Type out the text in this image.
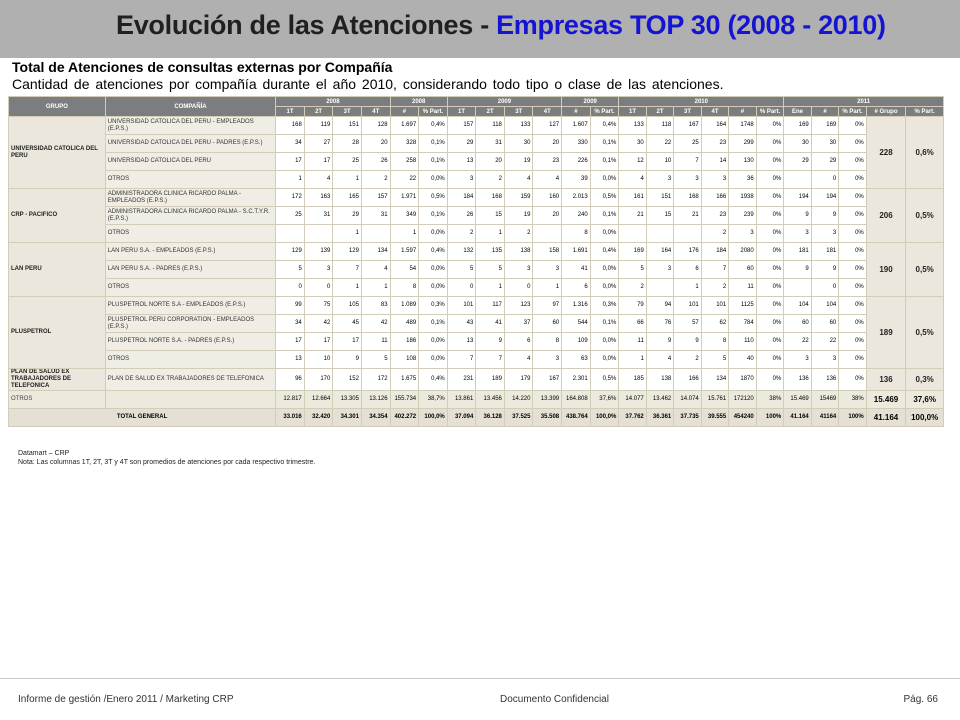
Evolución de las Atenciones - Empresas TOP 30 (2008 - 2010)
Total de Atenciones de consultas externas por Compañía
Cantidad de atenciones por compañía durante el año 2010, considerando todo tipo o clase de las atenciones.
GRUPO	COMPAÑÍA	2008				2008		2009				2009		2010						2011				
		1T	2T	3T	4T	#	% Part.	1T	2T	3T	4T	#	% Part.	1T	2T	3T	4T	#	% Part.	Ene	#	% Part.	# Grupo	% Part.
UNIVERSIDAD CATOLICA DEL PERU	UNIVERSIDAD CATOLICA DEL PERU - EMPLEADOS (E.P.S.)	168	119	151	128	1.697	0,4%	157	118	133	127	1.607	0,4%	133	118	167	164	1748	0%	169	169	0%	228	0,6%
	UNIVERSIDAD CATOLICA DEL PERU - PADRES (E.P.S.)	34	27	28	20	328	0,1%	29	31	30	20	330	0,1%	30	22	25	23	299	0%	30	30	0%		
	UNIVERSIDAD CATOLICA DEL PERU	17	17	25	26	258	0,1%	13	20	19	23	226	0,1%	12	10	7	14	130	0%	29	29	0%		
	OTROS	1	4	1	2	22	0,0%	3	2	4	4	39	0,0%	4	3	3	3	36	0%		0	0%		
CRP - PACIFICO	ADMINISTRADORA CLINICA RICARDO PALMA - EMPLEADOS (E.P.S.)	172	163	165	157	1.971	0,5%	184	168	159	160	2.013	0,5%	161	151	168	166	1938	0%	194	194	0%	206	0,5%
	ADMINISTRADORA CLINICA RICARDO PALMA - S.C.T.Y.R. (E.P.S.)	25	31	29	31	349	0,1%	26	15	19	20	240	0,1%	21	15	21	23	239	0%	9	9	0%		
	OTROS			1		1	0,0%	2	1	2		8	0,0%				2	3	0%	3	3	0%		
LAN PERU	LAN PERU S.A. - EMPLEADOS (E.P.S.)	129	139	129	134	1.597	0,4%	132	135	138	158	1.691	0,4%	169	164	176	184	2080	0%	181	181	0%	190	0,5%
	LAN PERU S.A. - PADRES (E.P.S.)	5	3	7	4	54	0,0%	5	5	3	3	41	0,0%	5	3	6	7	60	0%	9	9	0%		
	OTROS	0	0	1	1	8	0,0%	0	1	0	1	6	0,0%	2		1	2	11	0%		0	0%		
PLUSPETROL	PLUSPETROL NORTE S.A - EMPLEADOS (E.P.S.)	99	75	105	83	1.089	0,3%	101	117	123	97	1.316	0,3%	79	94	101	101	1125	0%	104	104	0%	189	0,5%
	PLUSPETROL PERU CORPORATION - EMPLEADOS (E.P.S.)	34	42	45	42	489	0,1%	43	41	37	60	544	0,1%	66	76	57	62	784	0%	60	60	0%		
	PLUSPETROL NORTE S.A. - PADRES (E.P.S.)	17	17	17	11	186	0,0%	13	9	6	8	109	0,0%	11	9	9	8	110	0%	22	22	0%		
	OTROS	13	10	9	5	108	0,0%	7	7	4	3	63	0,0%	1	4	2	5	40	0%	3	3	0%		
PLAN DE SALUD EX TRABAJADORES DE TELEFONICA	PLAN DE SALUD EX TRABAJADORES DE TELEFONICA	96	170	152	172	1.675	0,4%	231	189	179	167	2.301	0,5%	185	138	166	134	1870	0%	136	136	0%	136	0,3%
OTROS		12.817	12.664	13.305	13.126	155.734	38,7%	13.861	13.456	14.220	13.399	164.808	37,6%	14.077	13.462	14.074	15.761	172120	38%	15.469	15469	38%	15.469	37,6%
TOTAL GENERAL		33.016	32.420	34.301	34.354	402.272	100,0%	37.094	36.128	37.525	35.508	438.764	100,0%	37.762	36.361	37.735	39.555	454240	100%	41.164	41164	100%	41.164	100,0%
Datamart – CRP
Nota: Las columnas 1T, 2T, 3T y 4T son promedios de atenciones por cada respectivo trimestre.
Informe de gestión /Enero 2011 / Marketing CRP	Documento Confidencial	Pág. 66
